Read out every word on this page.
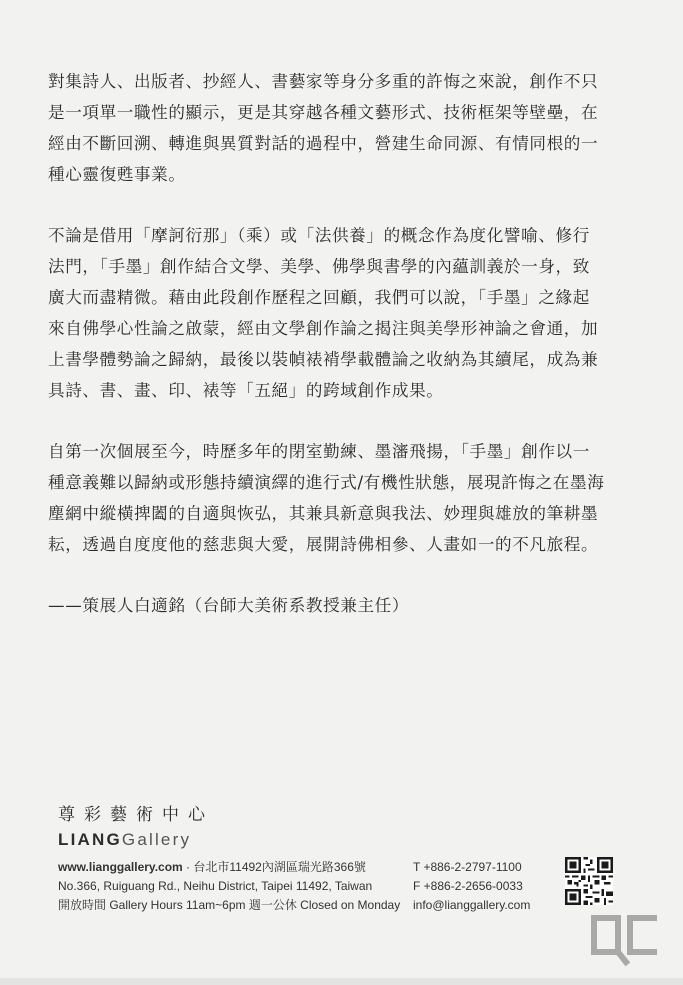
對集詩人、出版者、抄經人、書藝家等身分多重的許悔之來說，創作不只
是一項單一職性的顯示，更是其穿越各種文藝形式、技術框架等壁壘，在
經由不斷回溯、轉進與異質對話的過程中，營建生命同源、有情同根的一
種心靈復甦事業。

不論是借用「摩訶衍那」（乘）或「法供養」的概念作為度化譬喻、修行
法門，「手墨」創作結合文學、美學、佛學與書學的內蘊訓義於一身，致
廣大而盡精微。藉由此段創作歷程之回顧，我們可以說，「手墨」之緣起
來自佛學心性論之啟蒙，經由文學創作論之揭注與美學形神論之會通，加
上書學體勢論之歸納，最後以裝幀裱褙學載體論之收納為其續尾，成為兼
具詩、書、畫、印、裱等「五絕」的跨域創作成果。

自第一次個展至今，時歷多年的閉室勤練、墨瀋飛揚，「手墨」創作以一
種意義難以歸納或形態持續演繹的進行式/有機性狀態，展現許悔之在墨海
塵網中縱橫捭闔的自適與恢弘，其兼具新意與我法、妙理與雄放的筆耕墨
耘，透過自度度他的慈悲與大愛，展開詩佛相參、人畫如一的不凡旅程。

——策展人白適銘（台師大美術系教授兼主任）

尊彩藝術中心
LIANGGallery
www.lianggallery.com · 台北市11492內湖區瑞光路366號
No.366, Ruiguang Rd., Neihu District, Taipei 11492, Taiwan
開放時間 Gallery Hours 11am~6pm 週一公休 Closed on Monday
T +886-2-2797-1100
F +886-2-2656-0033
info@lianggallery.com
